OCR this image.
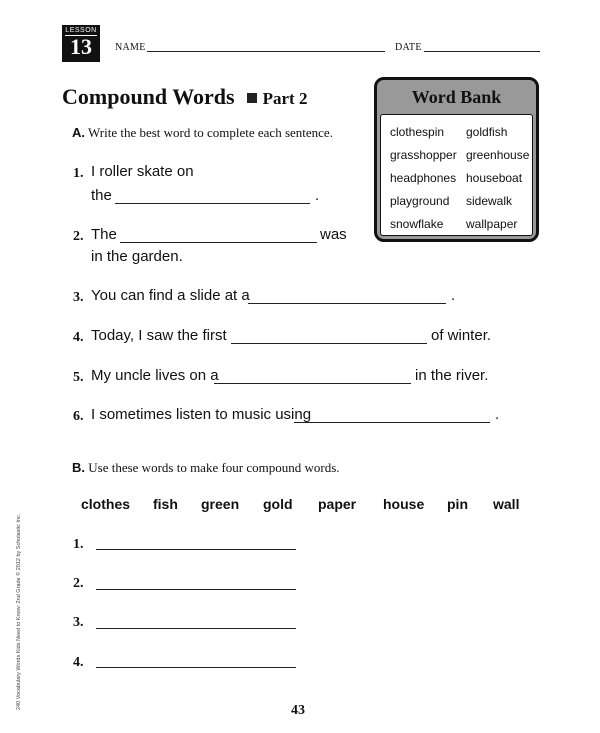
LESSON
13	NAME	DATE
Compound Words Part 2	Word Bank
clothespin goldfish
grasshopper greenhouse
headphones houseboat
playground sidewalk
snowflake wallpaper
A. Write the best word to complete each sentence.
1. I roller skate on
the	.
2. The	was
in the garden.
3. You can find a slide at a	.
4. Today, I saw the first	of winter.
5. My uncle lives on a	in the river.
6. I sometimes listen to music using	.
B. Use these words to make four compound words.
clothes fish green gold paper house pin wall
1.
2.
3.
4.
240 Vocabulary Words Kids Need to Know: 2nd Grade © 2012 by Scholastic Inc.
43
